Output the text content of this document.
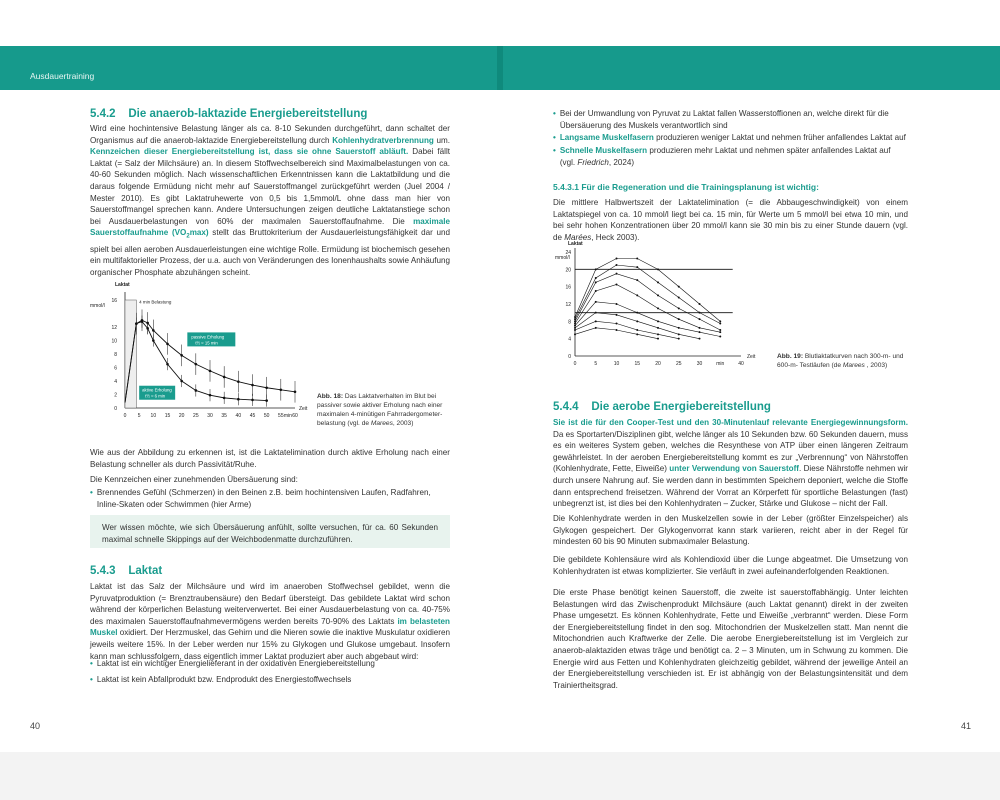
Ausdauertraining
5.4.2 Die anaerob-laktazide Energiebereitstellung

Wird eine hochintensive Belastung länger als ca. 8-10 Sekunden durchgeführt, dann schaltet der Organismus auf die anaerob-laktazide Energiebereitstellung durch Kohlenhydratverbrennung um. Kennzeichen dieser Energiebereitstellung ist, dass sie ohne Sauerstoff abläuft. Dabei fällt Laktat (= Salz der Milchsäure) an. In diesem Stoffwechselbereich sind Maximalbelastungen von ca. 40-60 Sekunden möglich. Nach wissenschaftlichen Erkenntnissen kann die Laktatbildung und die daraus folgende Ermüdung nicht mehr auf Sauerstoffmangel zurückgeführt werden (Juel 2004 / Mester 2010). Es gibt Laktatruhewerte von 0,5 bis 1,5mmol/L ohne dass man hier von Sauerstoffmangel sprechen kann. Andere Untersuchungen zeigen deutliche Laktatanstiege schon bei Ausdauerbelastungen von 60% der maximalen Sauerstoffaufnahme. Die maximale Sauerstoffaufnahme $(VO_2\max)$ stellt das Bruttokriterium der Ausdauerleistungsfähigkeit dar und spielt bei allen aeroben Ausdauerleistungen eine wichtige Rolle. Ermüdung ist biochemisch gesehen ein multifaktorieller Prozess, der u.a. auch von Veränderungen des Ionenhaushalts sowie Anhäufung organischer Phosphate abzuhängen scheint.

Laktat
mmol/l
0
2
4
6
8
10
12
16
0 5 10 15 20 25 30 35 40 45 50 55 min 60
Zeit
4 min Belastung
passive Erholung
t½ ≈ 15 min
aktive Erholung
t½ ≈ 6 min	Abb. 18: Das Laktatverhalten im Blut bei passiver sowie aktiver Erholung nach einer maximalen 4-minütigen Fahrradergometer-belastung (vgl. de Marees, 2003)

Wie aus der Abbildung zu erkennen ist, ist die Laktatelimination durch aktive Erholung nach einer Belastung schneller als durch Passivität/Ruhe.

Die Kennzeichen einer zunehmenden Übersäuerung sind:

• Brennendes Gefühl (Schmerzen) in den Beinen z.B. beim hochintensiven Laufen, Radfahren, Inline-Skaten oder Schwimmen (hier Arme)

Wer wissen möchte, wie sich Übersäuerung anfühlt, sollte versuchen, für ca. 60 Sekunden maximal schnelle Skippings auf der Weichbodenmatte durchzuführen.

5.4.3 Laktat

Laktat ist das Salz der Milchsäure und wird im anaeroben Stoffwechsel gebildet, wenn die Pyruvatproduktion (= Brenztraubensäure) den Bedarf übersteigt. Das gebildete Laktat wird schon während der körperlichen Belastung weiterverwertet. Bei einer Ausdauerbelastung von ca. 40-75% des maximalen Sauerstoffaufnahmevermögens werden bereits 70-90% des Laktats im belasteten Muskel oxidiert. Der Herzmuskel, das Gehirn und die Nieren sowie die inaktive Muskulatur oxidieren jeweils weitere 15%. In der Leber werden nur 15% zu Glykogen und Glukose umgebaut. Insofern kann man schlussfolgern, dass eigentlich immer Laktat produziert aber auch abgebaut wird:

• Laktat ist ein wichtiger Energielieferant in der oxidativen Energiebereitstellung
• Laktat ist kein Abfallprodukt bzw. Endprodukt des Energiestoffwechsels
40
• Bei der Umwandlung von Pyruvat zu Laktat fallen Wasserstoffionen an, welche direkt für die Übersäuerung des Muskels verantwortlich sind
• Langsame Muskelfasern produzieren weniger Laktat und nehmen früher anfallendes Laktat auf
• Schnelle Muskelfasern produzieren mehr Laktat und nehmen später anfallendes Laktat auf (vgl. Friedrich, 2024)
5.4.3.1 Für die Regeneration und die Trainingsplanung ist wichtig:

Die mittlere Halbwertszeit der Laktatelimination (= die Abbaugeschwindigkeit) von einem Laktatspiegel von ca. 10 mmol/l liegt bei ca. 15 min, für Werte um 5 mmol/l bei etwa 10 min, und bei sehr hohen Konzentrationen über 20 mmol/l kann sie 30 min bis zu einer Stunde dauern (vgl. de Marées, Heck 2003).

Laktat
mmol/l
0
4
8
12
16
20
24
0	5	10	15	20	25	30	min	40
Zeit	Abb. 19: Blutlaktatkurven nach 300-m- und 600-m- Testläufen (de Marees , 2003)
5.4.4 Die aerobe Energiebereitstellung

Sie ist die für den Cooper-Test und den 30-Minutenlauf relevante Energiegewinnungsform. Da es Sportarten/Disziplinen gibt, welche länger als 10 Sekunden bzw. 60 Sekunden dauern, muss es ein weiteres System geben, welches die Resynthese von ATP über einen längeren Zeitraum gewährleistet. In der aeroben Energiebereitstellung kommt es zur „Verbrennung“ von Nährstoffen (Kohlenhydrate, Fette, Eiweiße) unter Verwendung von Sauerstoff. Diese Nährstoffe nehmen wir durch unsere Nahrung auf. Sie werden dann in bestimmten Speichern deponiert, welche die Stoffe dann entsprechend freisetzen. Während der Vorrat an Körperfett für sportliche Belastungen (fast) unbegrenzt ist, ist dies bei den Kohlenhydraten – Zucker, Stärke und Glukose – nicht der Fall.

Die Kohlenhydrate werden in den Muskelzellen sowie in der Leber (größter Einzelspeicher) als Glykogen gespeichert. Der Glykogenvorrat kann stark variieren, reicht aber in der Regel für mindesten 60 bis 90 Minuten submaximaler Belastung.

Die gebildete Kohlensäure wird als Kohlendioxid über die Lunge abgeatmet. Die Umsetzung von Kohlenhydraten ist etwas komplizierter. Sie verläuft in zwei aufeinanderfolgenden Reaktionen.

Die erste Phase benötigt keinen Sauerstoff, die zweite ist sauerstoffabhängig. Unter leichten Belastungen wird das Zwischenprodukt Milchsäure (auch Laktat genannt) direkt in der zweiten Phase umgesetzt. Es können Kohlenhydrate, Fette und Eiweiße „verbrannt“ werden. Diese Form der Energiebereitstellung findet in den sog. Mitochondrien der Muskelzellen statt. Man nennt die Mitochondrien auch Kraftwerke der Zelle. Die aerobe Energiebereitstellung ist im Vergleich zur anaerob-alaktaziden etwas träge und benötigt ca. 2 – 3 Minuten, um in Schwung zu kommen. Die Energie wird aus Fetten und Kohlenhydraten gleichzeitig gebildet, während der jeweilige Anteil an der Energiebereitstellung verschieden ist. Er ist abhängig von der Belastungsintensität und dem Trainiertheitsgrad.

41
